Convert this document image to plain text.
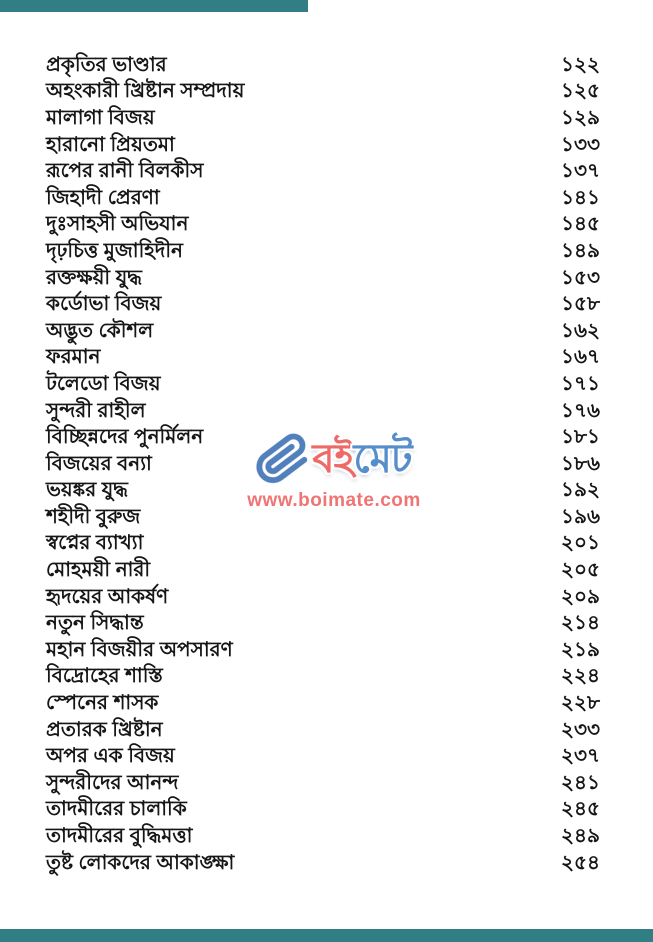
প্রকৃতির ভাণ্ডার	১২২
অহংকারী খ্রিষ্টান সম্প্রদায়	১২৫
মালাগা বিজয়	১২৯
হারানো প্রিয়তমা	১৩৩
রূপের রানী বিলকীস	১৩৭
জিহাদী প্রেরণা	১৪১
দুঃসাহসী অভিযান	১৪৫
দৃঢ়চিত্ত মুজাহিদীন	১৪৯
রক্তক্ষয়ী যুদ্ধ	১৫৩
কর্ডোভা বিজয়	১৫৮
অদ্ভুত কৌশল	১৬২
ফরমান	১৬৭
টলেডো বিজয়	১৭১
সুন্দরী রাহীল	১৭৬
বিচ্ছিন্নদের পুনর্মিলন	১৮১
বিজয়ের বন্যা	১৮৬
ভয়ঙ্কর যুদ্ধ	১৯২
শহীদী বুরুজ	১৯৬
স্বপ্নের ব্যাখ্যা	২০১
মোহময়ী নারী	২০৫
হৃদয়ের আকর্ষণ	২০৯
নতুন সিদ্ধান্ত	২১৪
মহান বিজয়ীর অপসারণ	২১৯
বিদ্রোহের শাস্তি	২২৪
স্পেনের শাসক	২২৮
প্রতারক খ্রিষ্টান	২৩৩
অপর এক বিজয়	২৩৭
সুন্দরীদের আনন্দ	২৪১
তাদমীরের চালাকি	২৪৫
তাদমীরের বুদ্ধিমত্তা	২৪৯
তুষ্ট লোকদের আকাঙ্ক্ষা	২৫৪
বইমেট
www.boimate.com
